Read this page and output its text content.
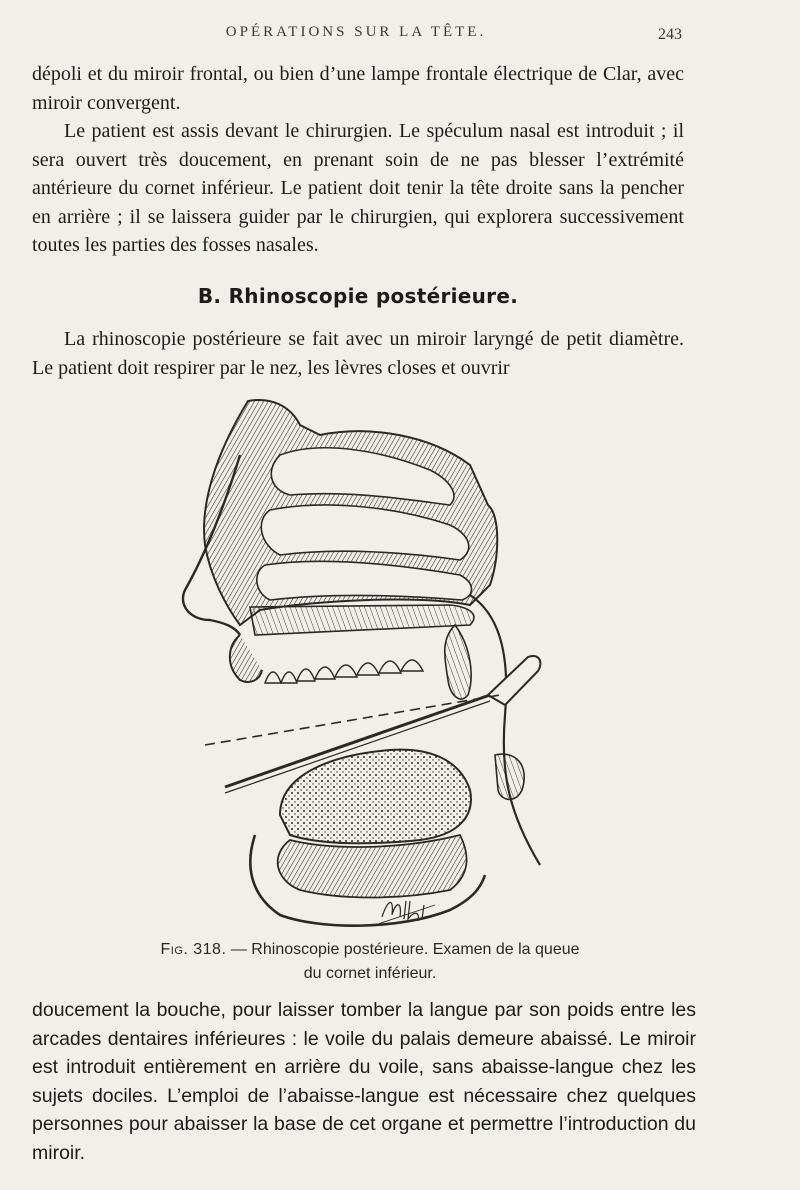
OPÉRATIONS SUR LA TÊTE.	243

dépoli et du miroir frontal, ou bien d’une lampe frontale électrique de Clar, avec miroir convergent.

Le patient est assis devant le chirurgien. Le spéculum nasal est introduit ; il sera ouvert très doucement, en prenant soin de ne pas blesser l’extrémité antérieure du cornet inférieur. Le patient doit tenir la tête droite sans la pencher en arrière ; il se laissera guider par le chirurgien, qui explorera successivement toutes les parties des fosses nasales.

B. Rhinoscopie postérieure.

La rhinoscopie postérieure se fait avec un miroir laryngé de petit diamètre. Le patient doit respirer par le nez, les lèvres closes et ouvrir

Fig. 318. — Rhinoscopie postérieure. Examen de la queue
du cornet inférieur.

doucement la bouche, pour laisser tomber la langue par son poids entre les arcades dentaires inférieures : le voile du palais demeure abaissé. Le miroir est introduit entièrement en arrière du voile, sans abaisse-langue chez les sujets dociles. L’emploi de l’abaisse-langue est nécessaire chez quelques personnes pour abaisser la base de cet organe et permettre l’introduction du miroir.
